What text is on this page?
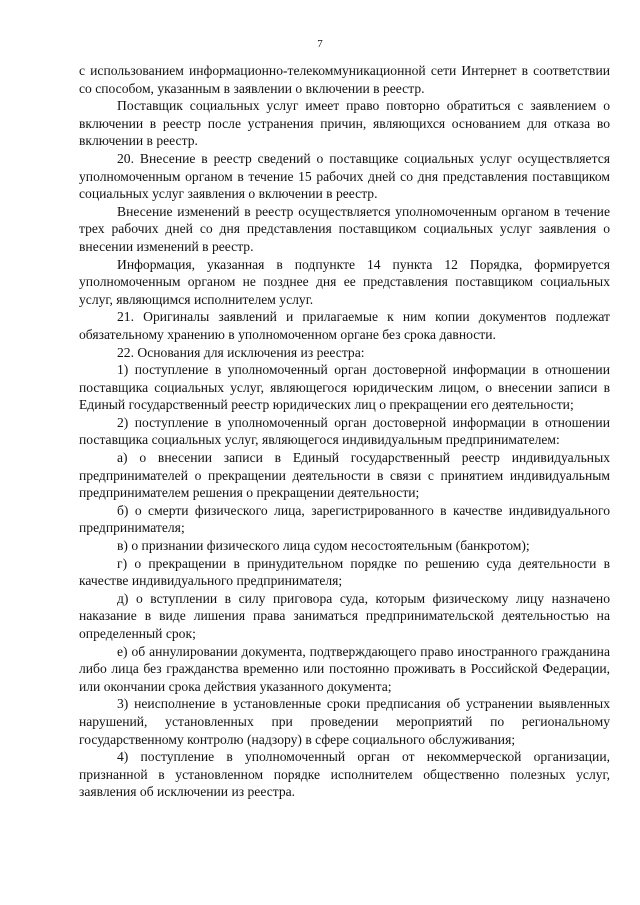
7

с использованием информационно-телекоммуникационной сети Интернет в соответствии со способом, указанным в заявлении о включении в реестр.

Поставщик социальных услуг имеет право повторно обратиться с заявлением о включении в реестр после устранения причин, являющихся основанием для отказа во включении в реестр.

20. Внесение в реестр сведений о поставщике социальных услуг осуществляется уполномоченным органом в течение 15 рабочих дней со дня представления поставщиком социальных услуг заявления о включении в реестр.

Внесение изменений в реестр осуществляется уполномоченным органом в течение трех рабочих дней со дня представления поставщиком социальных услуг заявления о внесении изменений в реестр.

Информация, указанная в подпункте 14 пункта 12 Порядка, формируется уполномоченным органом не позднее дня ее представления поставщиком социальных услуг, являющимся исполнителем услуг.

21. Оригиналы заявлений и прилагаемые к ним копии документов подлежат обязательному хранению в уполномоченном органе без срока давности.

22. Основания для исключения из реестра:

1) поступление в уполномоченный орган достоверной информации в отношении поставщика социальных услуг, являющегося юридическим лицом, о внесении записи в Единый государственный реестр юридических лиц о прекращении его деятельности;

2) поступление в уполномоченный орган достоверной информации в отношении поставщика социальных услуг, являющегося индивидуальным предпринимателем:

а) о внесении записи в Единый государственный реестр индивидуальных предпринимателей о прекращении деятельности в связи с принятием индивидуальным предпринимателем решения о прекращении деятельности;

б) о смерти физического лица, зарегистрированного в качестве индивидуального предпринимателя;

в) о признании физического лица судом несостоятельным (банкротом);

г) о прекращении в принудительном порядке по решению суда деятельности в качестве индивидуального предпринимателя;

д) о вступлении в силу приговора суда, которым физическому лицу назначено наказание в виде лишения права заниматься предпринимательской деятельностью на определенный срок;

е) об аннулировании документа, подтверждающего право иностранного гражданина либо лица без гражданства временно или постоянно проживать в Российской Федерации, или окончании срока действия указанного документа;

3) неисполнение в установленные сроки предписания об устранении выявленных нарушений, установленных при проведении мероприятий по региональному государственному контролю (надзору) в сфере социального обслуживания;

4) поступление в уполномоченный орган от некоммерческой организации, признанной в установленном порядке исполнителем общественно полезных услуг, заявления об исключении из реестра.
